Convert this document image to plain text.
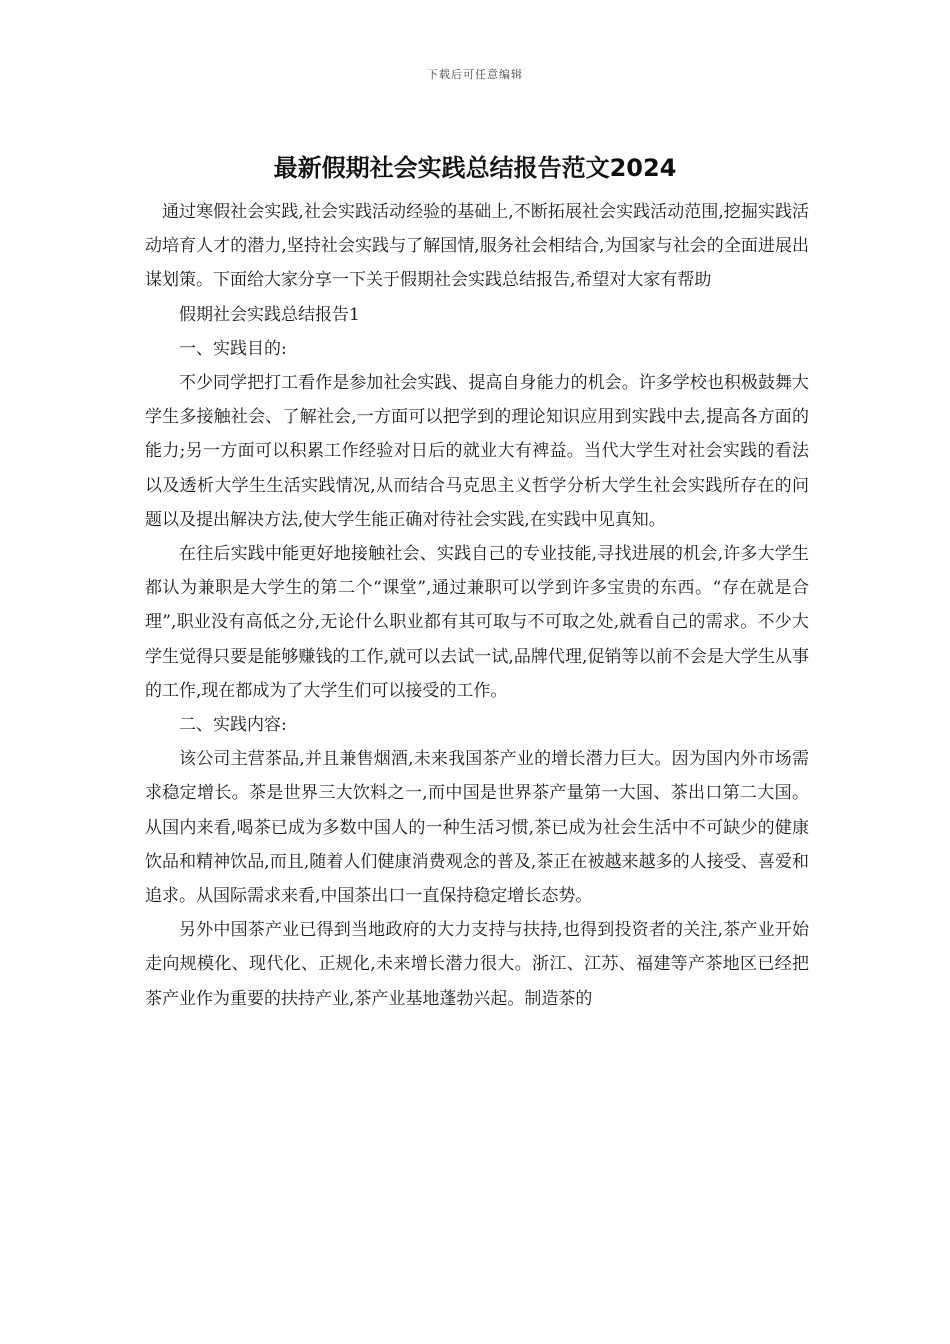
下载后可任意编辑
最新假期社会实践总结报告范文2024

通过寒假社会实践,社会实践活动经验的基础上,不断拓展社会实践活动范围,挖掘实践活动培育人才的潜力,坚持社会实践与了解国情,服务社会相结合,为国家与社会的全面进展出谋划策。下面给大家分享一下关于假期社会实践总结报告,希望对大家有帮助

假期社会实践总结报告1

一、实践目的:

不少同学把打工看作是参加社会实践、提高自身能力的机会。许多学校也积极鼓舞大学生多接触社会、了解社会,一方面可以把学到的理论知识应用到实践中去,提高各方面的能力;另一方面可以积累工作经验对日后的就业大有裨益。当代大学生对社会实践的看法以及透析大学生生活实践情况,从而结合马克思主义哲学分析大学生社会实践所存在的问题以及提出解决方法,使大学生能正确对待社会实践,在实践中见真知。

在往后实践中能更好地接触社会、实践自己的专业技能,寻找进展的机会,许多大学生都认为兼职是大学生的第二个“课堂”,通过兼职可以学到许多宝贵的东西。“存在就是合理”,职业没有高低之分,无论什么职业都有其可取与不可取之处,就看自己的需求。不少大学生觉得只要是能够赚钱的工作,就可以去试一试,品牌代理,促销等以前不会是大学生从事的工作,现在都成为了大学生们可以接受的工作。

二、实践内容:

该公司主营茶品,并且兼售烟酒,未来我国茶产业的增长潜力巨大。因为国内外市场需求稳定增长。茶是世界三大饮料之一,而中国是世界茶产量第一大国、茶出口第二大国。从国内来看,喝茶已成为多数中国人的一种生活习惯,茶已成为社会生活中不可缺少的健康饮品和精神饮品,而且,随着人们健康消费观念的普及,茶正在被越来越多的人接受、喜爱和追求。从国际需求来看,中国茶出口一直保持稳定增长态势。

另外中国茶产业已得到当地政府的大力支持与扶持,也得到投资者的关注,茶产业开始走向规模化、现代化、正规化,未来增长潜力很大。浙江、江苏、福建等产茶地区已经把茶产业作为重要的扶持产业,茶产业基地蓬勃兴起。制造茶的
